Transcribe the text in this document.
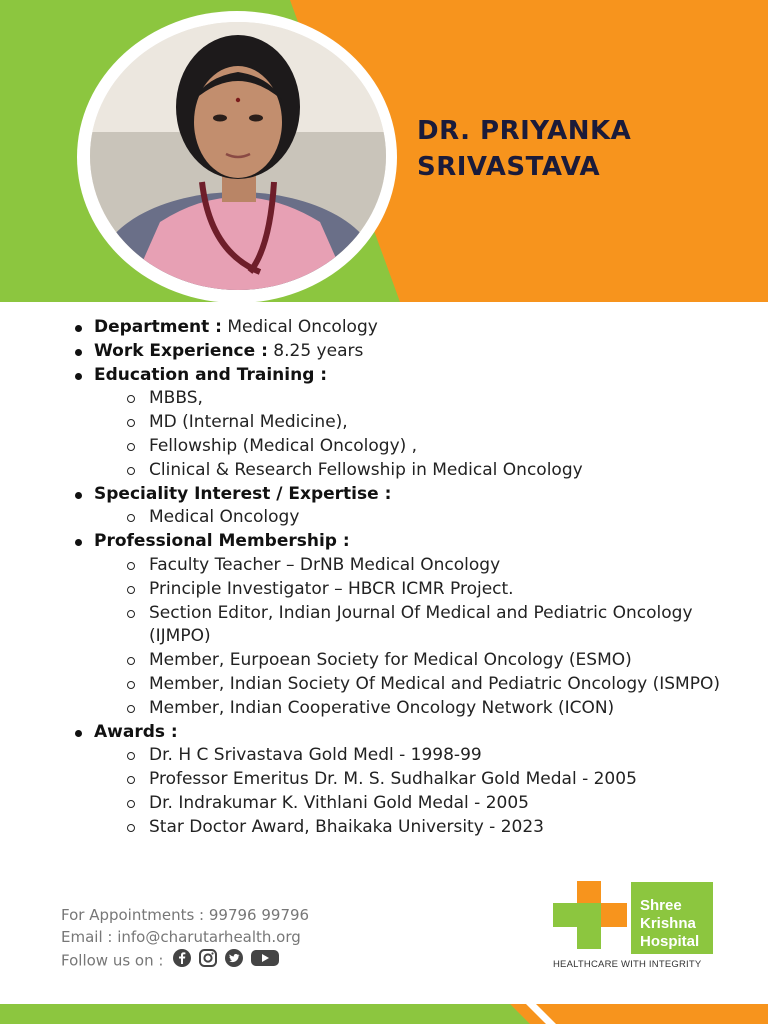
DR. PRIYANKA
SRIVASTAVA
Department : Medical Oncology
Work Experience : 8.25 years
Education and Training :
MBBS,
MD (Internal Medicine),
Fellowship (Medical Oncology) ,
Clinical & Research Fellowship in Medical Oncology
Speciality Interest / Expertise :
Medical Oncology
Professional Membership :
Faculty Teacher – DrNB Medical Oncology
Principle Investigator – HBCR ICMR Project.
Section Editor, Indian Journal Of Medical and Pediatric Oncology (IJMPO)
Member, Eurpoean Society for Medical Oncology (ESMO)
Member, Indian Society Of Medical and Pediatric Oncology (ISMPO)
Member, Indian Cooperative Oncology Network (ICON)
Awards :
Dr. H C Srivastava Gold Medl - 1998-99
Professor Emeritus Dr. M. S. Sudhalkar Gold Medal - 2005
Dr. Indrakumar K. Vithlani Gold Medal - 2005
Star Doctor Award, Bhaikaka University - 2023
For Appointments : 99796 99796
Email : info@charutarhealth.org
Follow us on :
Shree
Krishna
Hospital
HEALTHCARE WITH INTEGRITY
